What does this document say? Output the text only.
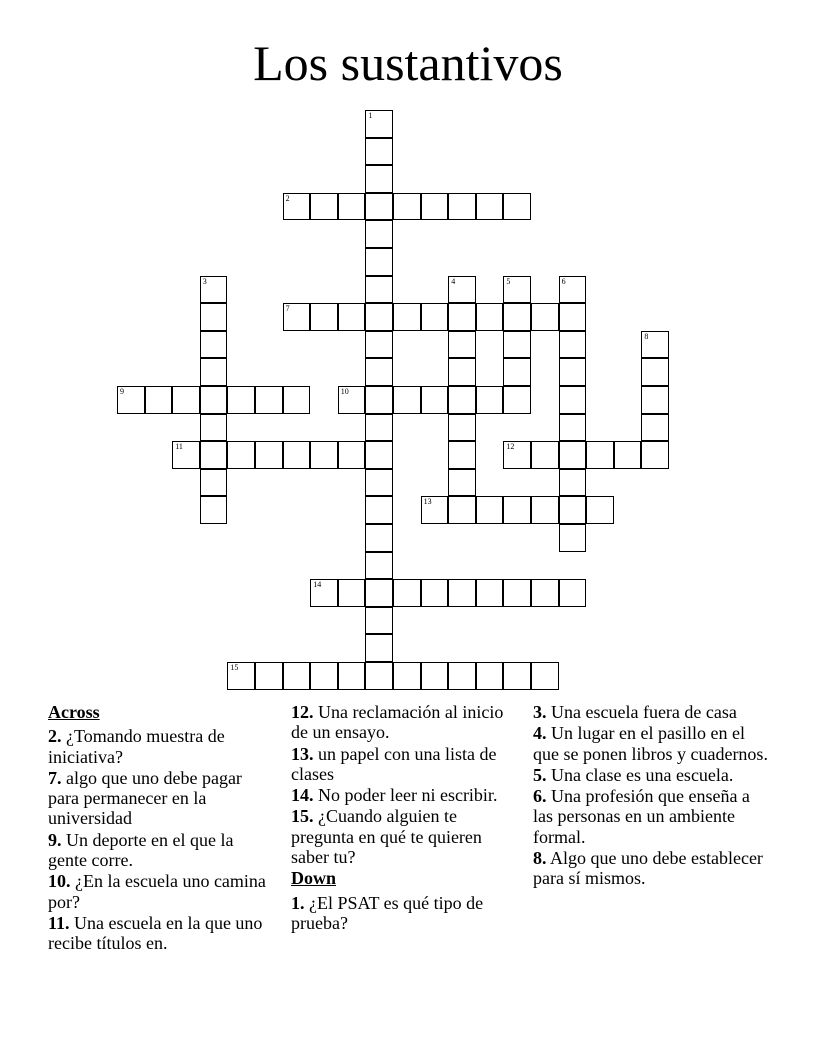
Los sustantivos
1
2
3	4	5	6
7
8
9	10
11	12
13
14
15
Across
2. ¿Tomando muestra de iniciativa?
7. algo que uno debe pagar para permanecer en la universidad
9. Un deporte en el que la gente corre.
10. ¿En la escuela uno camina por?
11. Una escuela en la que uno recibe títulos en.
12. Una reclamación al inicio de un ensayo.
13. un papel con una lista de clases
14. No poder leer ni escribir.
15. ¿Cuando alguien te pregunta en qué te quieren saber tu?
Down
1. ¿El PSAT es qué tipo de prueba?
3. Una escuela fuera de casa
4. Un lugar en el pasillo en el que se ponen libros y cuadernos.
5. Una clase es una escuela.
6. Una profesión que enseña a las personas en un ambiente formal.
8. Algo que uno debe establecer para sí mismos.
